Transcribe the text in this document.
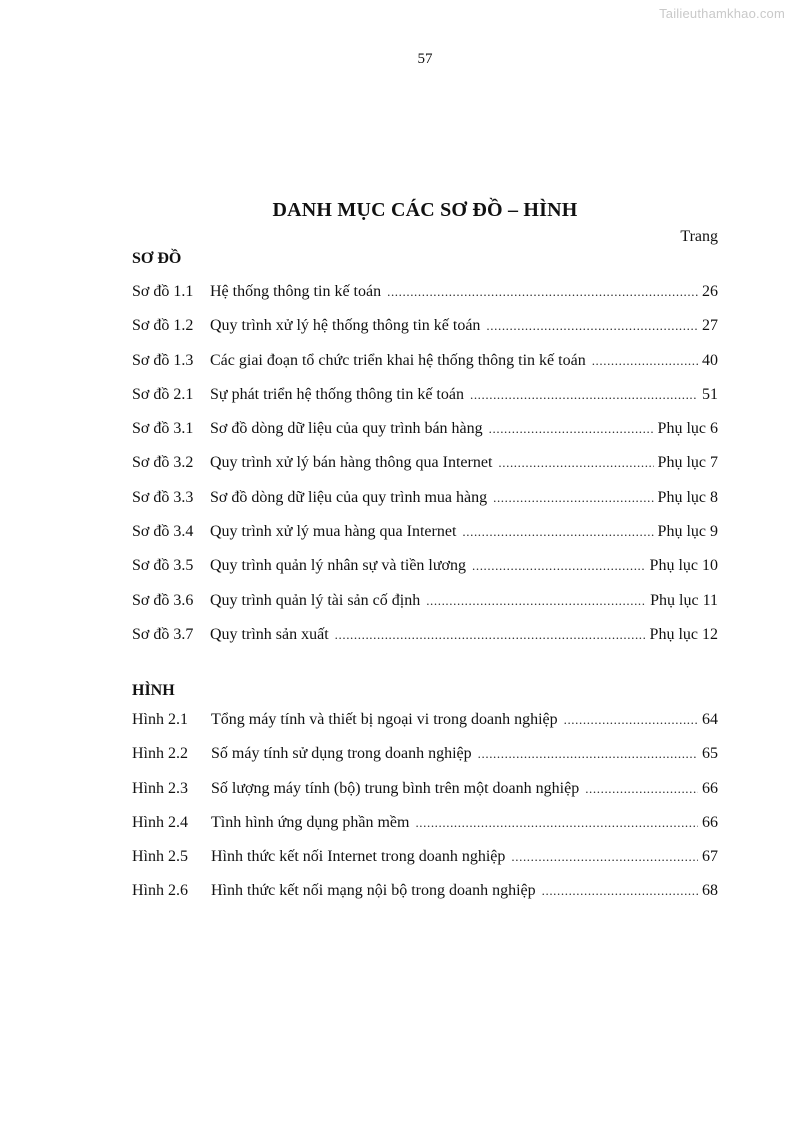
Tailieuthamkhao.com
57
DANH MỤC CÁC SƠ ĐỒ – HÌNH
Trang
SƠ ĐỒ
Sơ đồ 1.1	Hệ thống thông tin kế toán .....	26
Sơ đồ 1.2	Quy trình xử lý hệ thống thông tin kế toán .....	27
Sơ đồ 1.3	Các giai đoạn tổ chức triển khai hệ thống thông tin kế toán .....	40
Sơ đồ 2.1	Sự phát triển hệ thống thông tin kế toán .....	51
Sơ đồ 3.1	Sơ đồ dòng dữ liệu của quy trình bán hàng .....	Phụ lục 6
Sơ đồ 3.2	Quy trình xử lý bán hàng thông qua Internet .....	Phụ lục 7
Sơ đồ 3.3	Sơ đồ dòng dữ liệu của quy trình mua hàng .....	Phụ lục 8
Sơ đồ 3.4	Quy trình xử lý mua hàng qua Internet .....	Phụ lục 9
Sơ đồ 3.5	Quy trình quản lý nhân sự và tiền lương .....	Phụ lục 10
Sơ đồ 3.6	Quy trình quản lý tài sản cố định .....	Phụ lục 11
Sơ đồ 3.7	Quy trình sản xuất .....	Phụ lục 12
HÌNH
Hình 2.1	Tổng máy tính và thiết bị ngoại vi trong doanh nghiệp .....	64
Hình 2.2	Số máy tính sử dụng trong doanh nghiệp .....	65
Hình 2.3	Số lượng máy tính (bộ) trung bình trên một doanh nghiệp .....	66
Hình 2.4	Tình hình ứng dụng phần mềm .....	66
Hình 2.5	Hình thức kết nối Internet trong doanh nghiệp .....	67
Hình 2.6	Hình thức kết nối mạng nội bộ trong doanh nghiệp .....	68
